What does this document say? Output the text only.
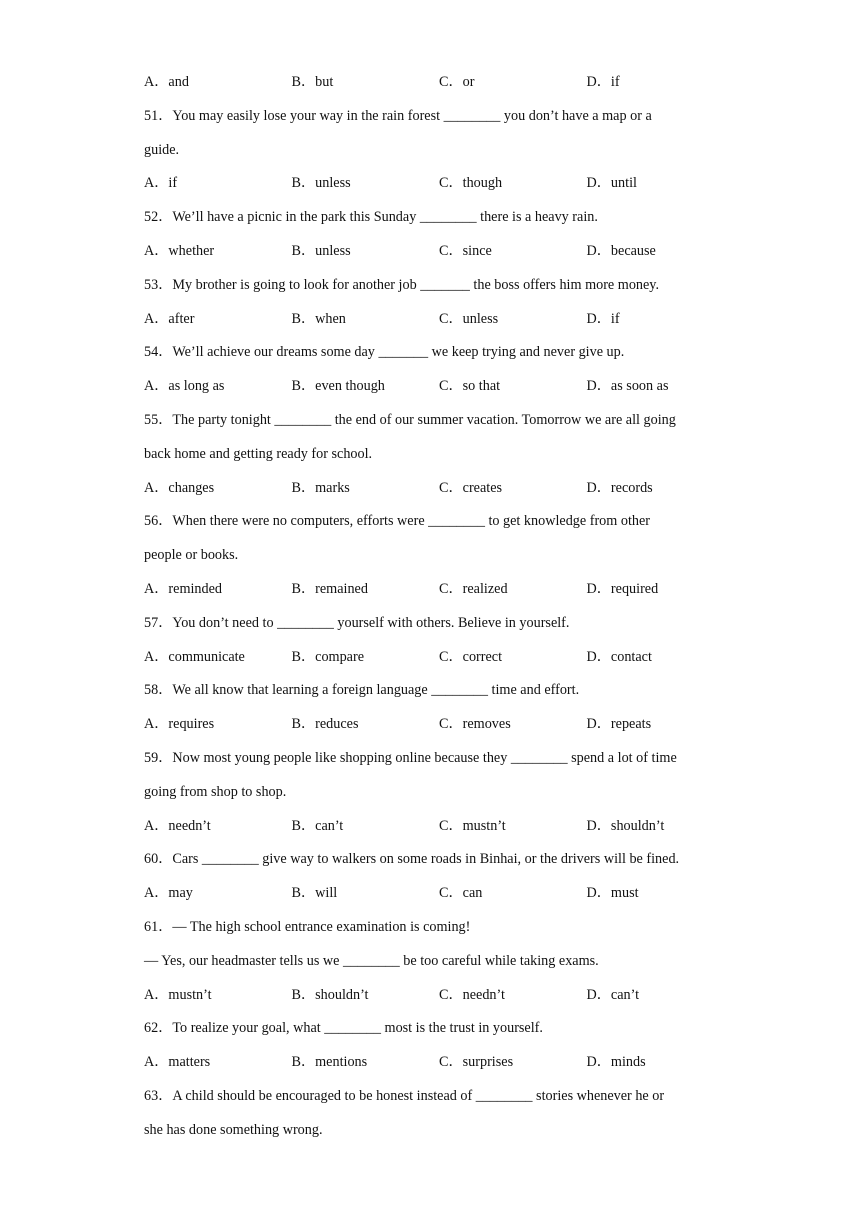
A．and	B．but	C．or	D．if
51．You may easily lose your way in the rain forest ________ you don’t have a map or a
guide.
A．if	B．unless	C．though	D．until
52．We’ll have a picnic in the park this Sunday ________ there is a heavy rain.
A．whether	B．unless	C．since	D．because
53．My brother is going to look for another job _______ the boss offers him more money.
A．after	B．when	C．unless	D．if
54．We’ll achieve our dreams some day _______ we keep trying and never give up.
A．as long as	B．even though	C．so that	D．as soon as
55．The party tonight ________ the end of our summer vacation. Tomorrow we are all going
back home and getting ready for school.
A．changes	B．marks	C．creates	D．records
56．When there were no computers, efforts were ________ to get knowledge from other
people or books.
A．reminded	B．remained	C．realized	D．required
57．You don’t need to ________ yourself with others. Believe in yourself.
A．communicate	B．compare	C．correct	D．contact
58．We all know that learning a foreign language ________ time and effort.
A．requires	B．reduces	C．removes	D．repeats
59．Now most young people like shopping online because they ________ spend a lot of time
going from shop to shop.
A．needn’t	B．can’t	C．mustn’t	D．shouldn’t
60．Cars ________ give way to walkers on some roads in Binhai, or the drivers will be fined.
A．may	B．will	C．can	D．must
61．— The high school entrance examination is coming!
— Yes, our headmaster tells us we ________ be too careful while taking exams.
A．mustn’t	B．shouldn’t	C．needn’t	D．can’t
62．To realize your goal, what ________ most is the trust in yourself.
A．matters	B．mentions	C．surprises	D．minds
63．A child should be encouraged to be honest instead of ________ stories whenever he or
she has done something wrong.
